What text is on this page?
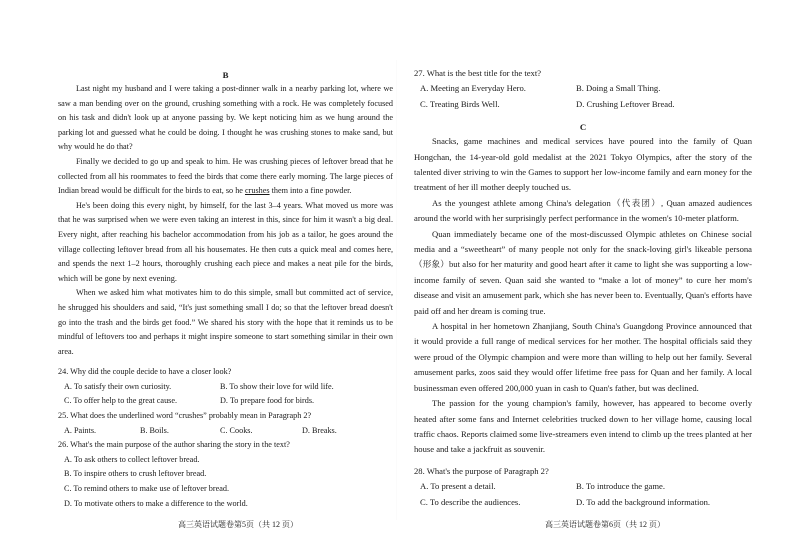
B

Last night my husband and I were taking a post-dinner walk in a nearby parking lot, where we saw a man bending over on the ground, crushing something with a rock. He was completely focused on his task and didn't look up at anyone passing by. We kept noticing him as we hung around the parking lot and guessed what he could be doing. I thought he was crushing stones to make sand, but why would he do that?

Finally we decided to go up and speak to him. He was crushing pieces of leftover bread that he collected from all his roommates to feed the birds that come there early morning. The large pieces of Indian bread would be difficult for the birds to eat, so he crushes them into a fine powder.

He's been doing this every night, by himself, for the last 3–4 years. What moved us more was that he was surprised when we were even taking an interest in this, since for him it wasn't a big deal. Every night, after reaching his bachelor accommodation from his job as a tailor, he goes around the village collecting leftover bread from all his housemates. He then cuts a quick meal and comes here, and spends the next 1–2 hours, thoroughly crushing each piece and makes a neat pile for the birds, which will be gone by next evening.

When we asked him what motivates him to do this simple, small but committed act of service, he shrugged his shoulders and said, “It's just something small I do; so that the leftover bread doesn't go into the trash and the birds get food.” We shared his story with the hope that it reminds us to be mindful of leftovers too and perhaps it might inspire someone to start something similar in their own area.

24. Why did the couple decide to have a closer look?

A. To satisfy their own curiosity.	B. To show their love for wild life.
C. To offer help to the great cause.	D. To prepare food for birds.

25. What does the underlined word “crushes” probably mean in Paragraph 2?

A. Paints.	B. Boils.	C. Cooks.	D. Breaks.

26. What's the main purpose of the author sharing the story in the text?

A. To ask others to collect leftover bread.

B. To inspire others to crush leftover bread.

C. To remind others to make use of leftover bread.

D. To motivate others to make a difference to the world.

27. What is the best title for the text?

A. Meeting an Everyday Hero.	B. Doing a Small Thing.
C. Treating Birds Well.	D. Crushing Leftover Bread.

C

Snacks, game machines and medical services have poured into the family of Quan Hongchan, the 14-year-old gold medalist at the 2021 Tokyo Olympics, after the story of the talented diver striving to win the Games to support her low-income family and earn money for the treatment of her ill mother deeply touched us.

As the youngest athlete among China's delegation（代表团）, Quan amazed audiences around the world with her surprisingly perfect performance in the women's 10-meter platform.

Quan immediately became one of the most-discussed Olympic athletes on Chinese social media and a “sweetheart” of many people not only for the snack-loving girl's likeable persona（形象）but also for her maturity and good heart after it came to light she was supporting a low-income family of seven. Quan said she wanted to “make a lot of money” to cure her mom's disease and visit an amusement park, which she has never been to. Eventually, Quan's efforts have paid off and her dream is coming true.

A hospital in her hometown Zhanjiang, South China's Guangdong Province announced that it would provide a full range of medical services for her mother. The hospital officials said they were proud of the Olympic champion and were more than willing to help out her family. Several amusement parks, zoos said they would offer lifetime free pass for Quan and her family. A local businessman even offered 200,000 yuan in cash to Quan's father, but was declined.

The passion for the young champion's family, however, has appeared to become overly heated after some fans and Internet celebrities trucked down to her village home, causing local traffic chaos. Reports claimed some live-streamers even intend to climb up the trees planted at her house and take a jackfruit as souvenir.

28. What's the purpose of Paragraph 2?

A. To present a detail.	B. To introduce the game.
C. To describe the audiences.	D. To add the background information.
高三英语试题卷第5页（共 12 页）	高三英语试题卷第6页（共 12 页）
